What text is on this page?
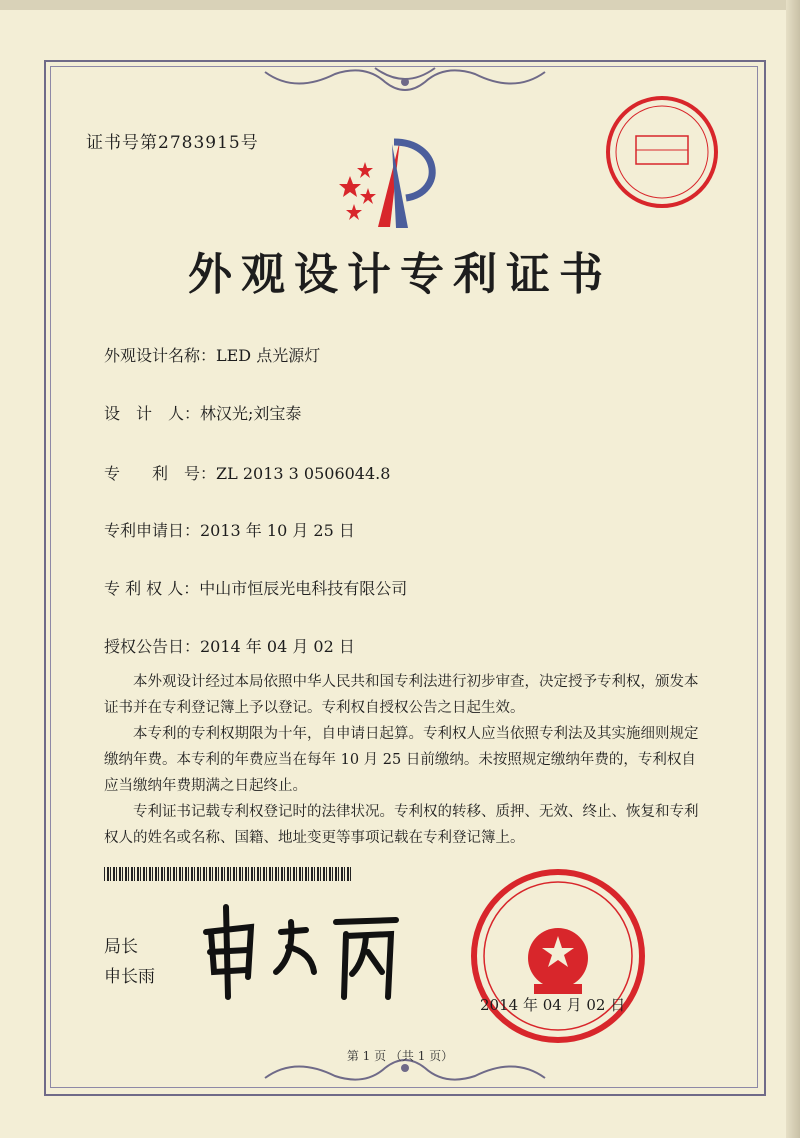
证书号第2783915号
外观设计专利证书
外观设计名称：LED 点光源灯
设　计　人：林汉光;刘宝泰
专　　利　号：ZL 2013 3 0506044.8
专利申请日：2013 年 10 月 25 日
专 利 权 人：中山市恒辰光电科技有限公司
授权公告日：2014 年 04 月 02 日

本外观设计经过本局依照中华人民共和国专利法进行初步审查，决定授予专利权，颁发本证书并在专利登记簿上予以登记。专利权自授权公告之日起生效。

本专利的专利权期限为十年，自申请日起算。专利权人应当依照专利法及其实施细则规定缴纳年费。本专利的年费应当在每年 10 月 25 日前缴纳。未按照规定缴纳年费的，专利权自应当缴纳年费期满之日起终止。

专利证书记载专利权登记时的法律状况。专利权的转移、质押、无效、终止、恢复和专利权人的姓名或名称、国籍、地址变更等事项记载在专利登记簿上。

局长
申长雨
2014 年 04 月 02 日
第 1 页 （共 1 页）
